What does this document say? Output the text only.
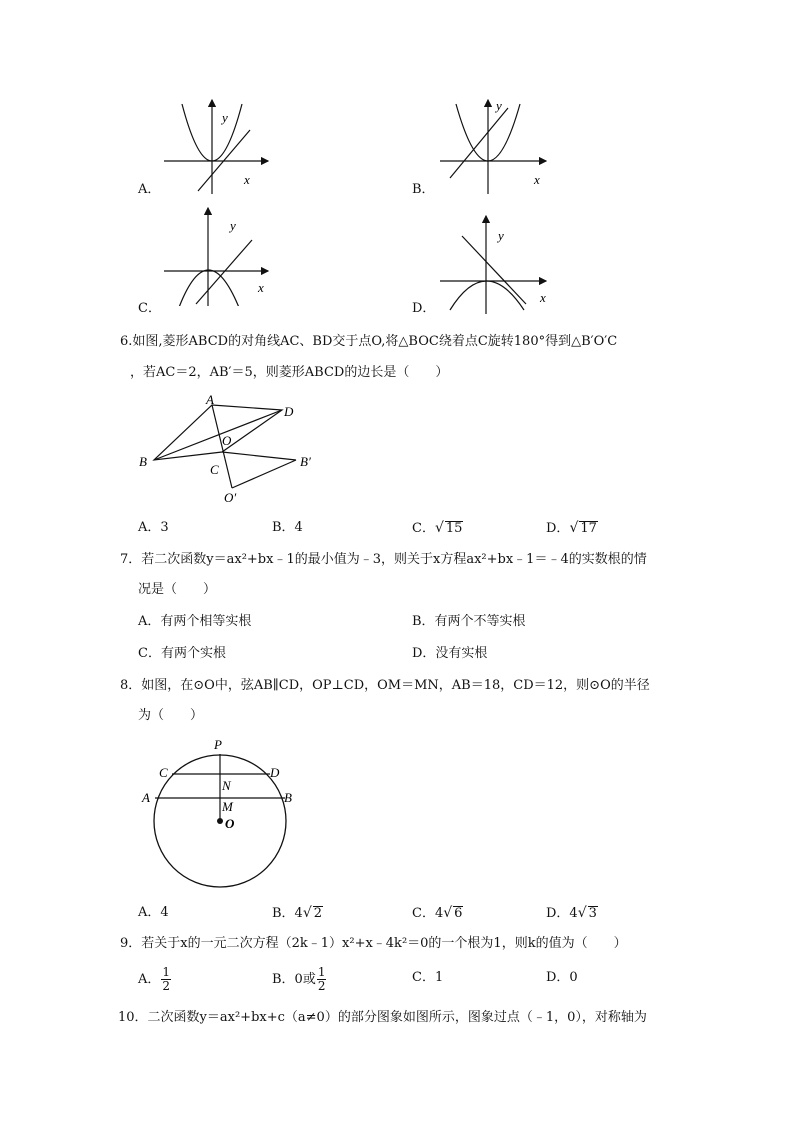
y
x
A．
y
x
B．
y
x
C．
y
x
D．
6.如图,菱形ABCD的对角线AC、BD交于点O,将△BOC绕着点C旋转180°得到△B′O′C
，若AC＝2，AB′＝5，则菱形ABCD的边长是（　　）
A
D
O
B
C
B′
O′
A．3	B．4	C．√ 15	D．√ 17
7．若二次函数y＝ax²+bx﹣1的最小值为﹣3，则关于x方程ax²+bx﹣1＝﹣4的实数根的情
况是（　　）
A．有两个相等实根	B．有两个不等实根
C．有两个实根	D．没有实根
8．如图，在⊙O中，弦AB∥CD，OP⊥CD，OM＝MN，AB＝18，CD＝12，则⊙O的半径
为（　　）
P
C	D
N
A	B
M
O
A．4	B．4√ 2	C．4√ 6	D．4√ 3
9．若关于x的一元二次方程（2k﹣1）x²+x﹣4k²＝0的一个根为1，则k的值为（　　）
A． $\frac{1}{2}$	B．0或 $\frac{1}{2}$	C．1	D．0
10．二次函数y＝ax²+bx+c（a≠0）的部分图象如图所示，图象过点（﹣1，0），对称轴为
